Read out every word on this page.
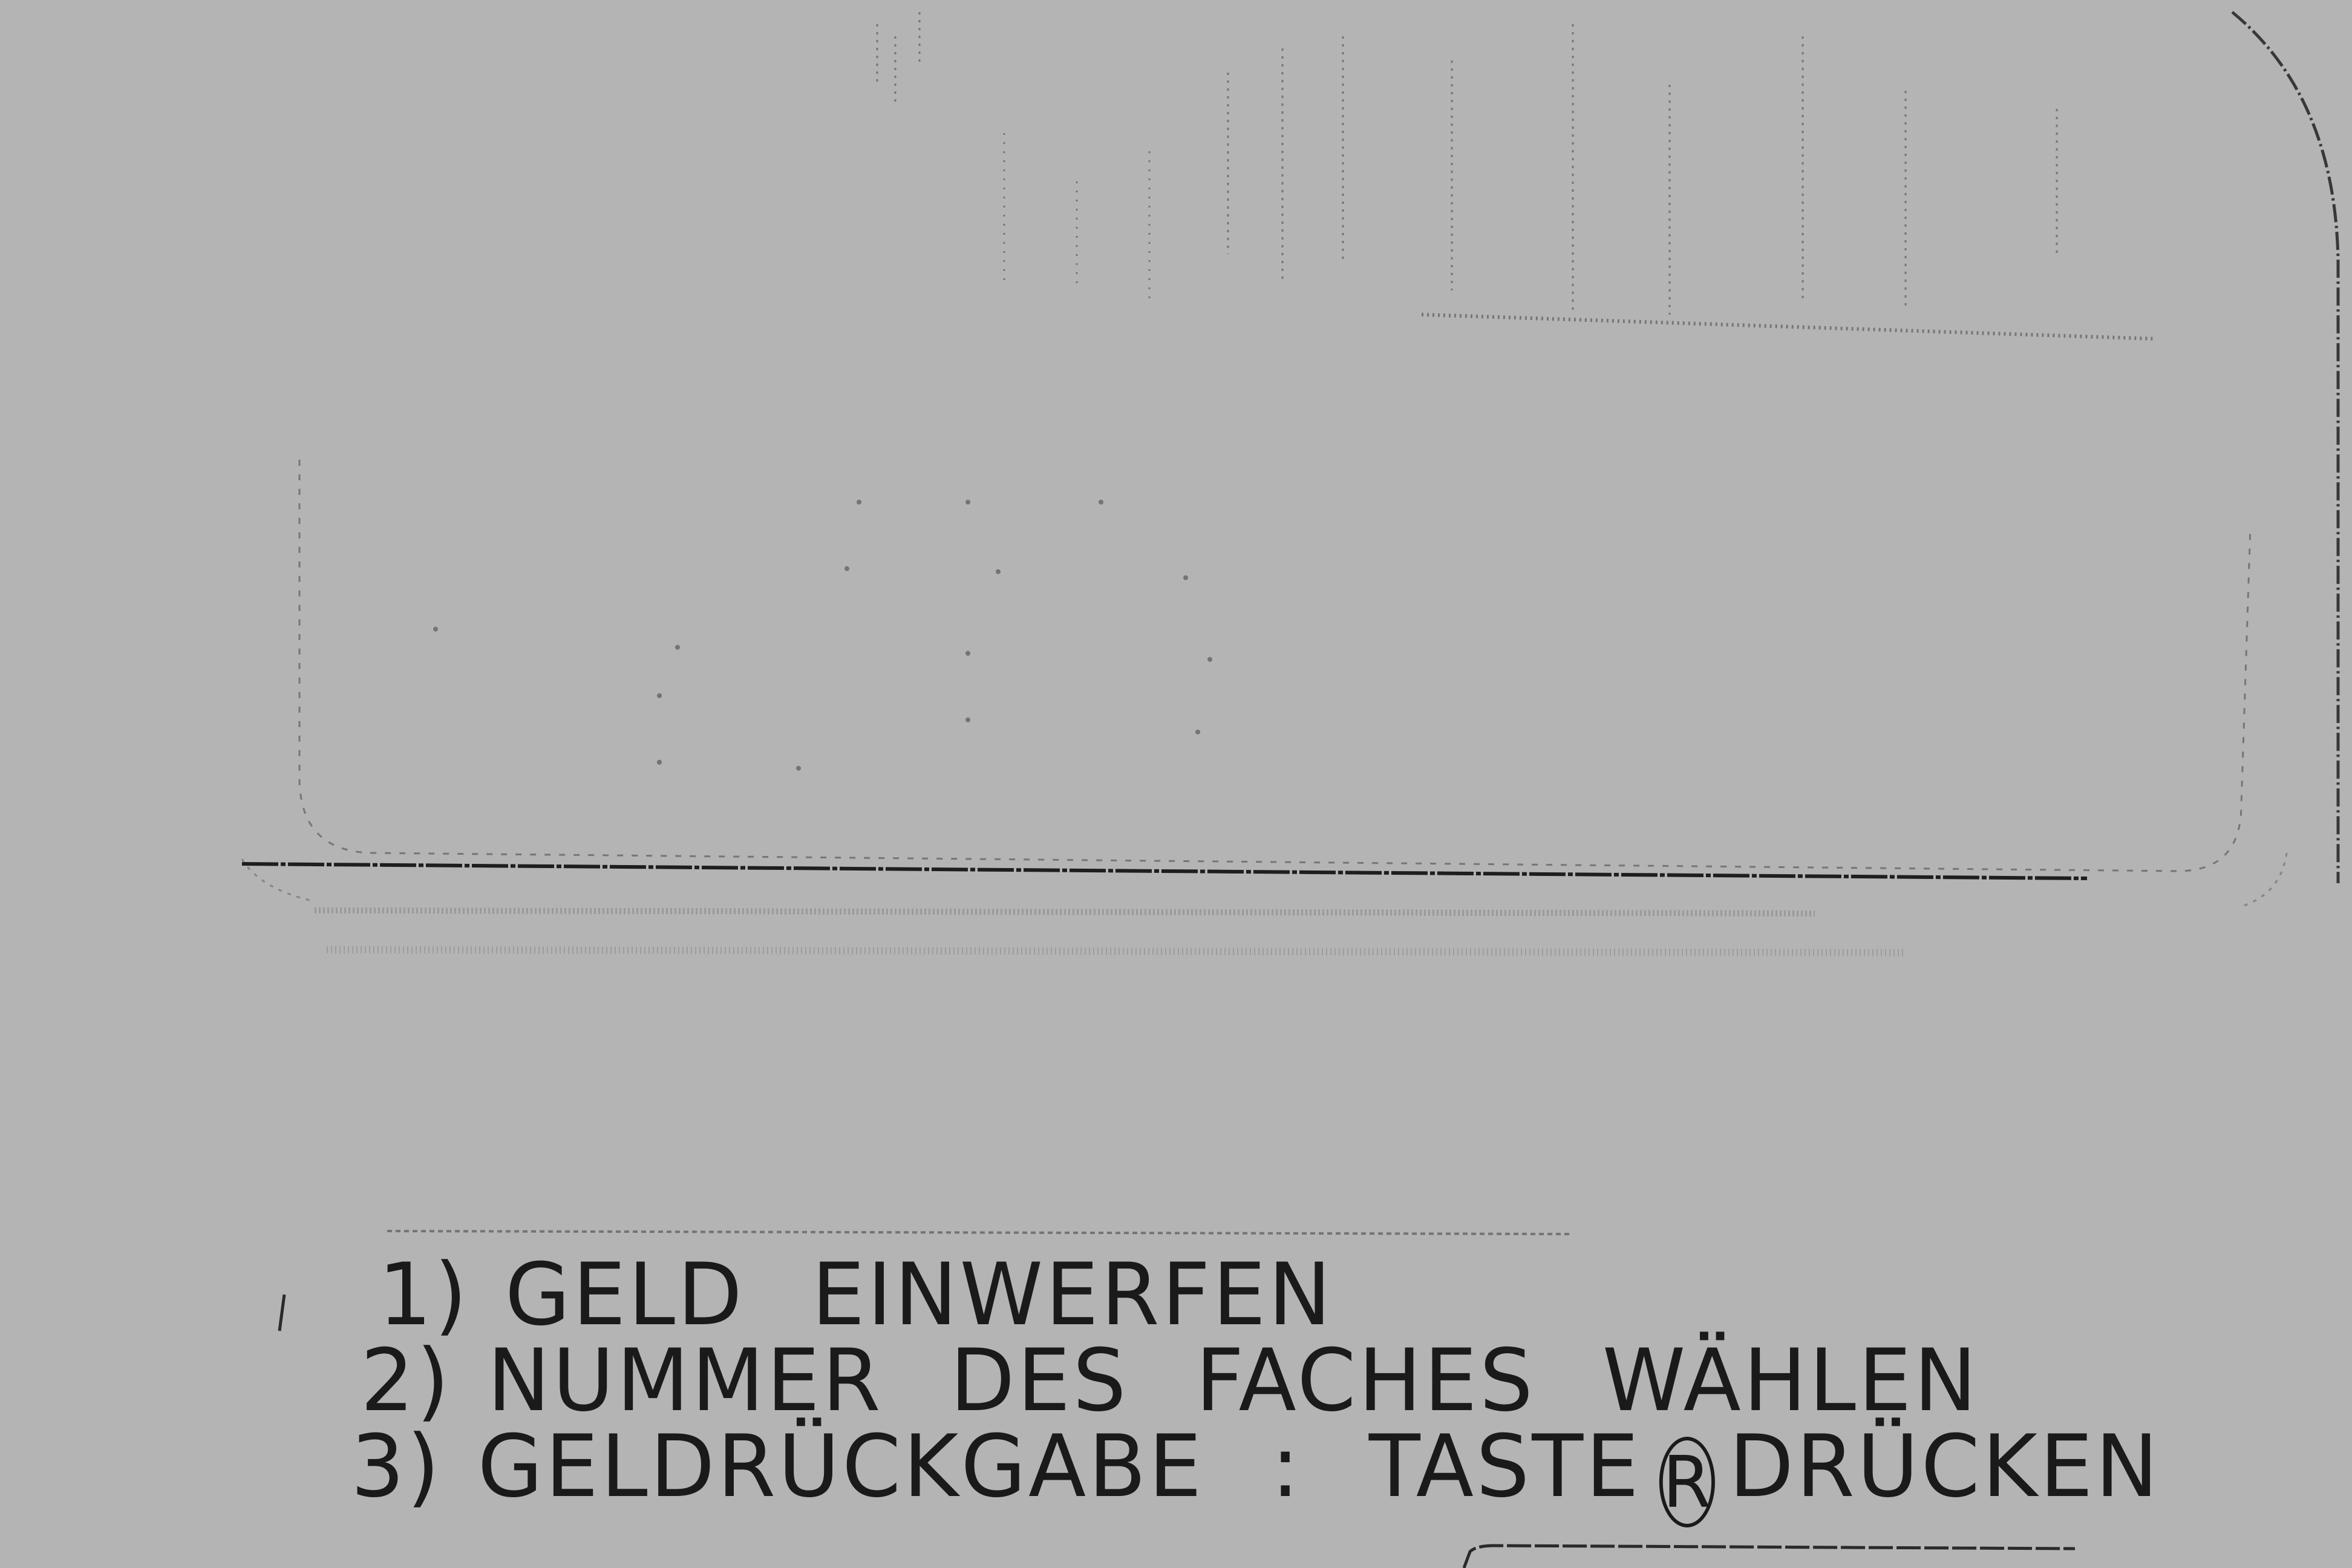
1) GELD EINWERFEN
2) NUMMER DES FACHES WÄHLEN
3) GELDRÜCKGABE : TASTE R DRÜCKEN
